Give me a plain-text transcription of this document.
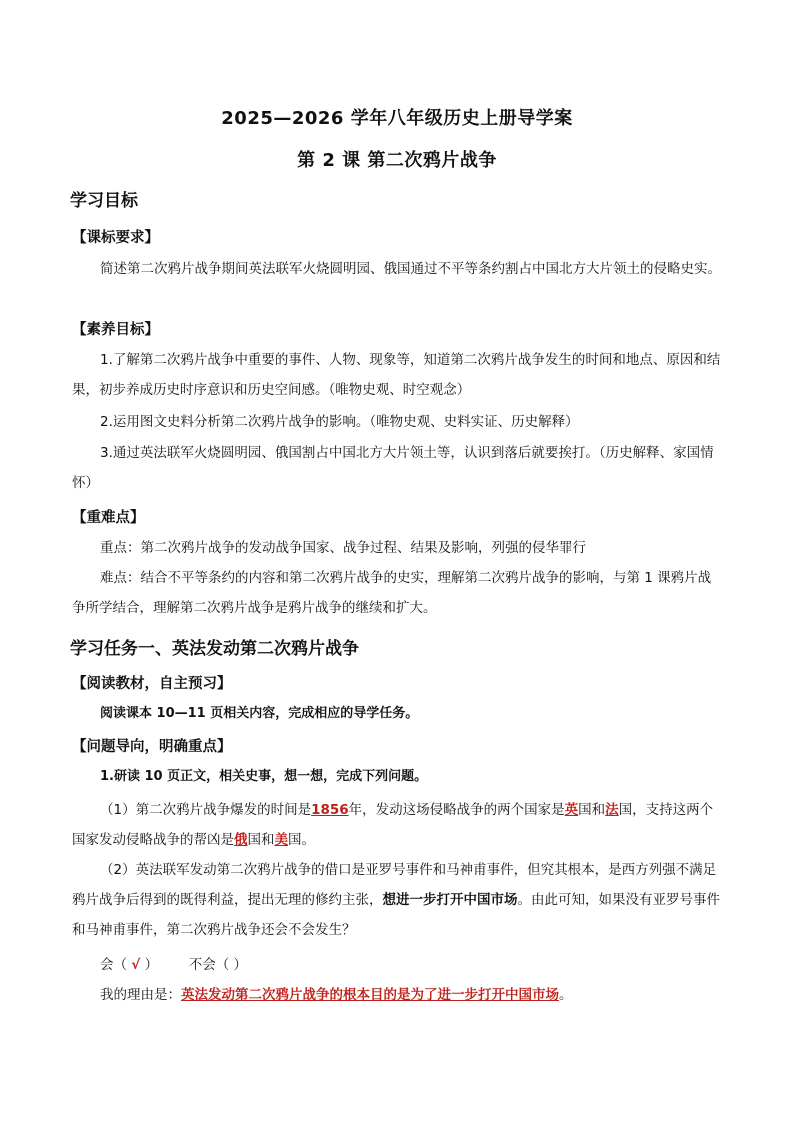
2025—2026 学年八年级历史上册导学案
第 2 课 第二次鸦片战争
学习目标
【课标要求】
简述第二次鸦片战争期间英法联军火烧圆明园、俄国通过不平等条约割占中国北方大片领土的侵略史实。
【素养目标】
1.了解第二次鸦片战争中重要的事件、人物、现象等，知道第二次鸦片战争发生的时间和地点、原因和结果，初步养成历史时序意识和历史空间感。（唯物史观、时空观念）
2.运用图文史料分析第二次鸦片战争的影响。（唯物史观、史料实证、历史解释）
3.通过英法联军火烧圆明园、俄国割占中国北方大片领土等，认识到落后就要挨打。（历史解释、家国情怀）
【重难点】
重点：第二次鸦片战争的发动战争国家、战争过程、结果及影响，列强的侵华罪行
难点：结合不平等条约的内容和第二次鸦片战争的史实，理解第二次鸦片战争的影响，与第 1 课鸦片战争所学结合，理解第二次鸦片战争是鸦片战争的继续和扩大。
学习任务一、英法发动第二次鸦片战争
【阅读教材，自主预习】
阅读课本 10—11 页相关内容，完成相应的导学任务。
【问题导向，明确重点】
1.研读 10 页正文，相关史事，想一想，完成下列问题。
（1）第二次鸦片战争爆发的时间是1856年，发动这场侵略战争的两个国家是英国和法国，支持这两个国家发动侵略战争的帮凶是俄国和美国。
（2）英法联军发动第二次鸦片战争的借口是亚罗号事件和马神甫事件，但究其根本，是西方列强不满足鸦片战争后得到的既得利益，提出无理的修约主张，想进一步打开中国市场。由此可知，如果没有亚罗号事件和马神甫事件，第二次鸦片战争还会不会发生？
会（ √ ） 不会（ ）
我的理由是：英法发动第二次鸦片战争的根本目的是为了进一步打开中国市场。
